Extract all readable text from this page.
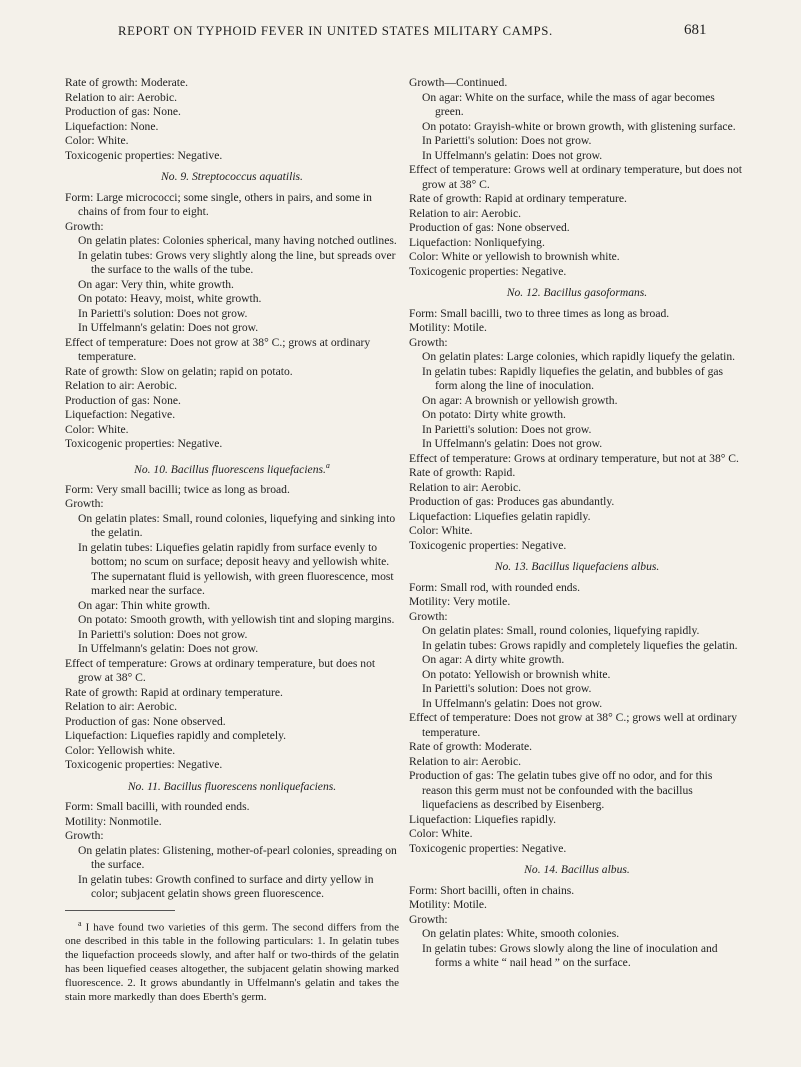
REPORT ON TYPHOID FEVER IN UNITED STATES MILITARY CAMPS.	681
Rate of growth: Moderate.
Relation to air: Aerobic.
Production of gas: None.
Liquefaction: None.
Color: White.
Toxicogenic properties: Negative.
No. 9. Streptococcus aquatilis.
Form: Large micrococci; some single, others in pairs, and some in chains of from four to eight.
Growth:
On gelatin plates: Colonies spherical, many having notched outlines.
In gelatin tubes: Grows very slightly along the line, but spreads over the surface to the walls of the tube.
On agar: Very thin, white growth.
On potato: Heavy, moist, white growth.
In Parietti's solution: Does not grow.
In Uffelmann's gelatin: Does not grow.
Effect of temperature: Does not grow at 38° C.; grows at ordinary temperature.
Rate of growth: Slow on gelatin; rapid on potato.
Relation to air: Aerobic.
Production of gas: None.
Liquefaction: Negative.
Color: White.
Toxicogenic properties: Negative.
No. 10. Bacillus fluorescens liquefaciens.$^a$
Form: Very small bacilli; twice as long as broad.
Growth:
On gelatin plates: Small, round colonies, liquefying and sinking into the gelatin.
In gelatin tubes: Liquefies gelatin rapidly from surface evenly to bottom; no scum on surface; deposit heavy and yellowish white. The supernatant fluid is yellowish, with green fluorescence, most marked near the surface.
On agar: Thin white growth.
On potato: Smooth growth, with yellowish tint and sloping margins.
In Parietti's solution: Does not grow.
In Uffelmann's gelatin: Does not grow.
Effect of temperature: Grows at ordinary temperature, but does not grow at 38° C.
Rate of growth: Rapid at ordinary temperature.
Relation to air: Aerobic.
Production of gas: None observed.
Liquefaction: Liquefies rapidly and completely.
Color: Yellowish white.
Toxicogenic properties: Negative.
No. 11. Bacillus fluorescens nonliquefaciens.
Form: Small bacilli, with rounded ends.
Motility: Nonmotile.
Growth:
On gelatin plates: Glistening, mother-of-pearl colonies, spreading on the surface.
In gelatin tubes: Growth confined to surface and dirty yellow in color; subjacent gelatin shows green fluorescence.
$^a$ I have found two varieties of this germ. The second differs from the one described in this table in the following particulars: 1. In gelatin tubes the liquefaction proceeds slowly, and after half or two-thirds of the gelatin has been liquefied ceases altogether, the subjacent gelatin showing marked fluorescence. 2. It grows abundantly in Uffelmann's gelatin and takes the stain more markedly than does Eberth's germ.
Growth—Continued.
On agar: White on the surface, while the mass of agar becomes green.
On potato: Grayish-white or brown growth, with glistening surface.
In Parietti's solution: Does not grow.
In Uffelmann's gelatin: Does not grow.
Effect of temperature: Grows well at ordinary temperature, but does not grow at 38° C.
Rate of growth: Rapid at ordinary temperature.
Relation to air: Aerobic.
Production of gas: None observed.
Liquefaction: Nonliquefying.
Color: White or yellowish to brownish white.
Toxicogenic properties: Negative.
No. 12. Bacillus gasoformans.
Form: Small bacilli, two to three times as long as broad.
Motility: Motile.
Growth:
On gelatin plates: Large colonies, which rapidly liquefy the gelatin.
In gelatin tubes: Rapidly liquefies the gelatin, and bubbles of gas form along the line of inoculation.
On agar: A brownish or yellowish growth.
On potato: Dirty white growth.
In Parietti's solution: Does not grow.
In Uffelmann's gelatin: Does not grow.
Effect of temperature: Grows at ordinary temperature, but not at 38° C.
Rate of growth: Rapid.
Relation to air: Aerobic.
Production of gas: Produces gas abundantly.
Liquefaction: Liquefies gelatin rapidly.
Color: White.
Toxicogenic properties: Negative.
No. 13. Bacillus liquefaciens albus.
Form: Small rod, with rounded ends.
Motility: Very motile.
Growth:
On gelatin plates: Small, round colonies, liquefying rapidly.
In gelatin tubes: Grows rapidly and completely liquefies the gelatin.
On agar: A dirty white growth.
On potato: Yellowish or brownish white.
In Parietti's solution: Does not grow.
In Uffelmann's gelatin: Does not grow.
Effect of temperature: Does not grow at 38° C.; grows well at ordinary temperature.
Rate of growth: Moderate.
Relation to air: Aerobic.
Production of gas: The gelatin tubes give off no odor, and for this reason this germ must not be confounded with the bacillus liquefaciens as described by Eisenberg.
Liquefaction: Liquefies rapidly.
Color: White.
Toxicogenic properties: Negative.
No. 14. Bacillus albus.
Form: Short bacilli, often in chains.
Motility: Motile.
Growth:
On gelatin plates: White, smooth colonies.
In gelatin tubes: Grows slowly along the line of inoculation and forms a white “ nail head ” on the surface.
